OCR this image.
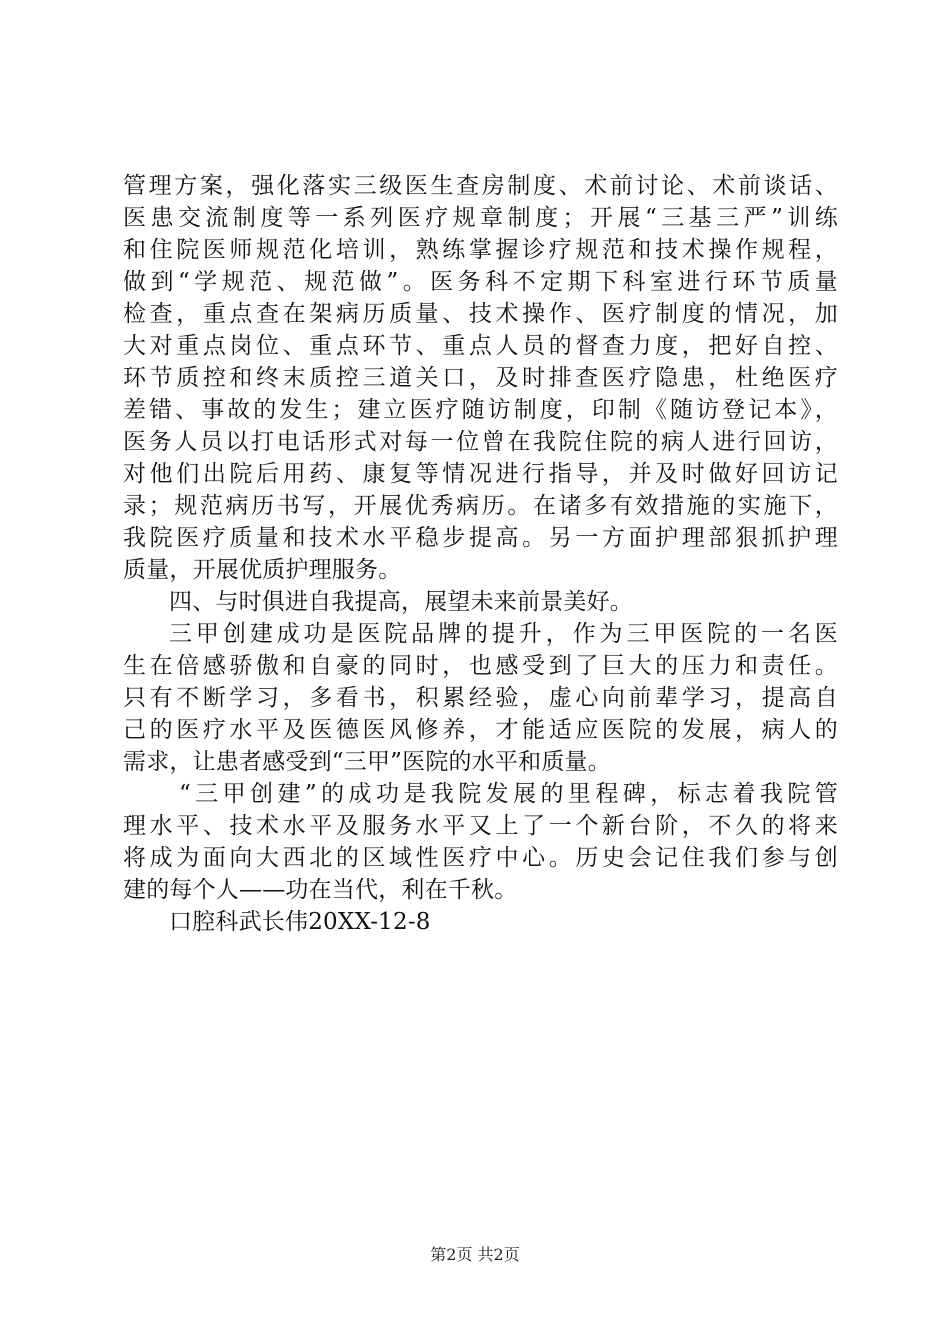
管理方案，强化落实三级医生查房制度、术前讨论、术前谈话、
医患交流制度等一系列医疗规章制度；开展“三基三严”训练
和住院医师规范化培训，熟练掌握诊疗规范和技术操作规程，
做到“学规范、规范做”。医务科不定期下科室进行环节质量
检查，重点查在架病历质量、技术操作、医疗制度的情况，加
大对重点岗位、重点环节、重点人员的督查力度，把好自控、
环节质控和终末质控三道关口，及时排查医疗隐患，杜绝医疗
差错、事故的发生；建立医疗随访制度，印制《随访登记本》，
医务人员以打电话形式对每一位曾在我院住院的病人进行回访，
对他们出院后用药、康复等情况进行指导，并及时做好回访记
录；规范病历书写，开展优秀病历。在诸多有效措施的实施下，
我院医疗质量和技术水平稳步提高。另一方面护理部狠抓护理
质量，开展优质护理服务。
四、与时俱进自我提高，展望未来前景美好。
三甲创建成功是医院品牌的提升，作为三甲医院的一名医
生在倍感骄傲和自豪的同时，也感受到了巨大的压力和责任。
只有不断学习，多看书，积累经验，虚心向前辈学习，提高自
己的医疗水平及医德医风修养，才能适应医院的发展，病人的
需求，让患者感受到“三甲”医院的水平和质量。
“三甲创建”的成功是我院发展的里程碑，标志着我院管
理水平、技术水平及服务水平又上了一个新台阶，不久的将来
将成为面向大西北的区域性医疗中心。历史会记住我们参与创
建的每个人——功在当代，利在千秋。
口腔科武长伟20XX-12-8
第2页 共2页
